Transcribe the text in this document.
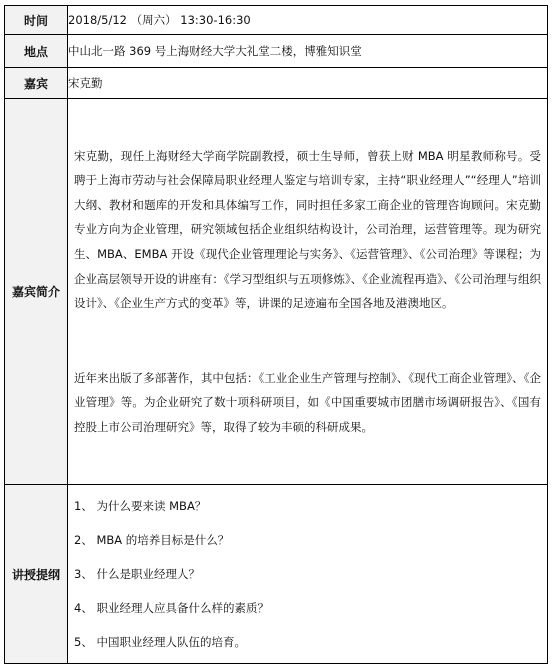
时间	2018/5/12 （周六） 13:30-16:30
地点	中山北一路 369 号上海财经大学大礼堂二楼，博雅知识堂
嘉宾	宋克勤
嘉宾简介	宋克勤，现任上海财经大学商学院副教授，硕士生导师，曾获上财 MBA 明星教师称号。受聘于上海市劳动与社会保障局职业经理人鉴定与培训专家，主持“职业经理人”“经理人”培训大纲、教材和题库的开发和具体编写工作，同时担任多家工商企业的管理咨询顾问。宋克勤专业方向为企业管理，研究领域包括企业组织结构设计，公司治理，运营管理等。现为研究生、MBA、EMBA 开设《现代企业管理理论与实务》、《运营管理》、《公司治理》等课程；为企业高层领导开设的讲座有：《学习型组织与五项修炼》、《企业流程再造》、《公司治理与组织设计》、《企业生产方式的变革》等，讲课的足迹遍布全国各地及港澳地区。

近年来出版了多部著作，其中包括：《工业企业生产管理与控制》、《现代工商企业管理》、《企业管理》等。为企业研究了数十项科研项目，如《中国重要城市团膳市场调研报告》、《国有控股上市公司治理研究》等，取得了较为丰硕的科研成果。

讲授提纲	1、 为什么要来读 MBA？
2、 MBA 的培养目标是什么？
3、 什么是职业经理人？
4、 职业经理人应具备什么样的素质？
5、 中国职业经理人队伍的培育。
